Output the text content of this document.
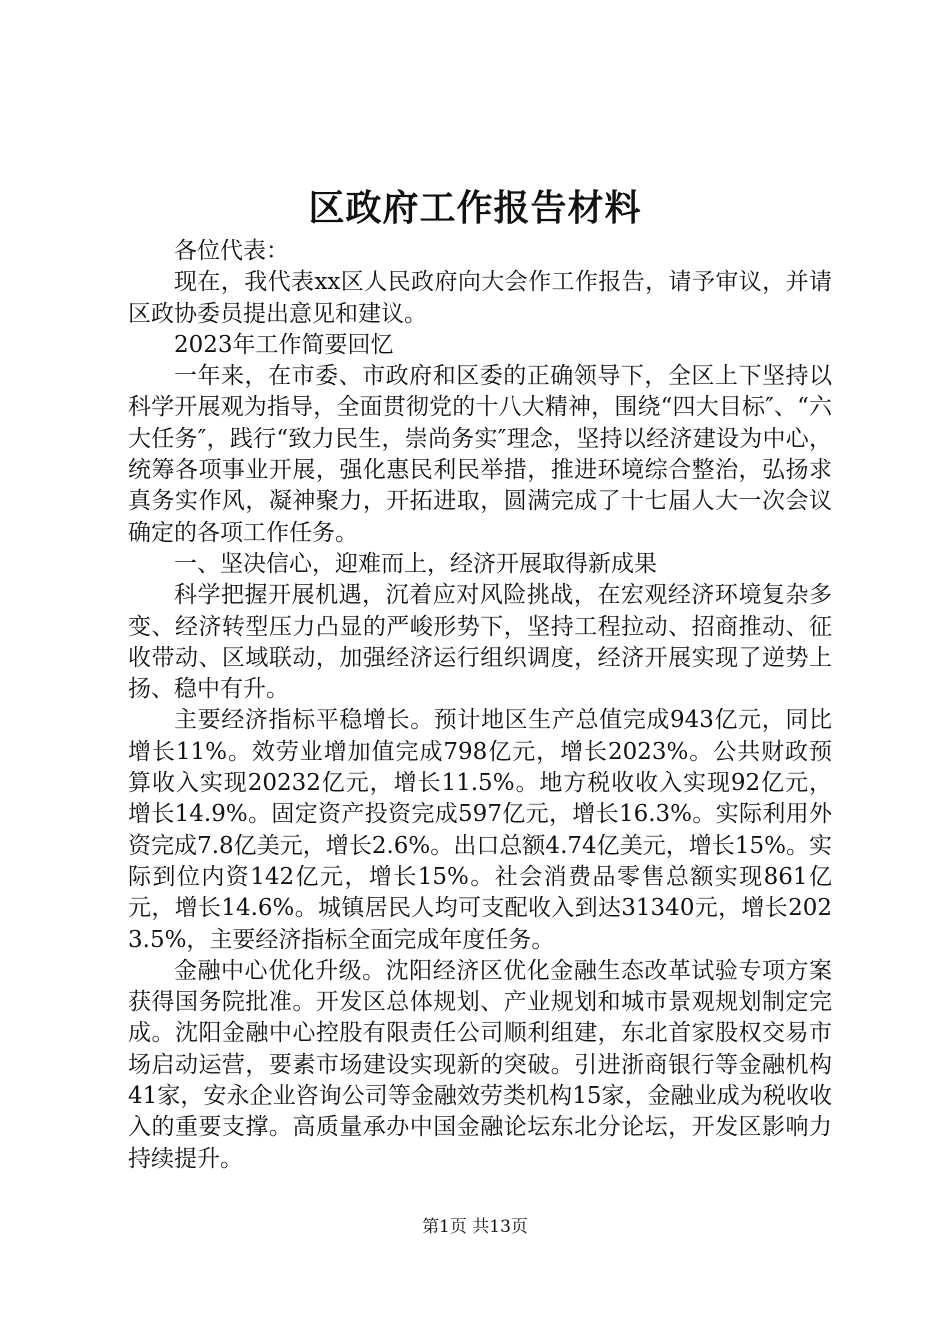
区政府工作报告材料

各位代表：

现在，我代表xx区人民政府向大会作工作报告，请予审议，并请区政协委员提出意见和建议。

2023年工作简要回忆

一年来，在市委、市政府和区委的正确领导下，全区上下坚持以科学开展观为指导，全面贯彻党的十八大精神，围绕“四大目标″、“六大任务″，践行“致力民生，崇尚务实″理念，坚持以经济建设为中心，统筹各项事业开展，强化惠民利民举措，推进环境综合整治，弘扬求真务实作风，凝神聚力，开拓进取，圆满完成了十七届人大一次会议确定的各项工作任务。

一、坚决信心，迎难而上，经济开展取得新成果

科学把握开展机遇，沉着应对风险挑战，在宏观经济环境复杂多变、经济转型压力凸显的严峻形势下，坚持工程拉动、招商推动、征收带动、区域联动，加强经济运行组织调度，经济开展实现了逆势上扬、稳中有升。

主要经济指标平稳增长。预计地区生产总值完成943亿元，同比增长11%。效劳业增加值完成798亿元，增长2023%。公共财政预算收入实现20232亿元，增长11.5%。地方税收收入实现92亿元，增长14.9%。固定资产投资完成597亿元，增长16.3%。实际利用外资完成7.8亿美元，增长2.6%。出口总额4.74亿美元，增长15%。实际到位内资142亿元，增长15%。社会消费品零售总额实现861亿元，增长14.6%。城镇居民人均可支配收入到达31340元，增长2023.5%，主要经济指标全面完成年度任务。

金融中心优化升级。沈阳经济区优化金融生态改革试验专项方案获得国务院批准。开发区总体规划、产业规划和城市景观规划制定完成。沈阳金融中心控股有限责任公司顺利组建，东北首家股权交易市场启动运营，要素市场建设实现新的突破。引进浙商银行等金融机构41家，安永企业咨询公司等金融效劳类机构15家，金融业成为税收收入的重要支撑。高质量承办中国金融论坛东北分论坛，开发区影响力持续提升。

第1页 共13页
